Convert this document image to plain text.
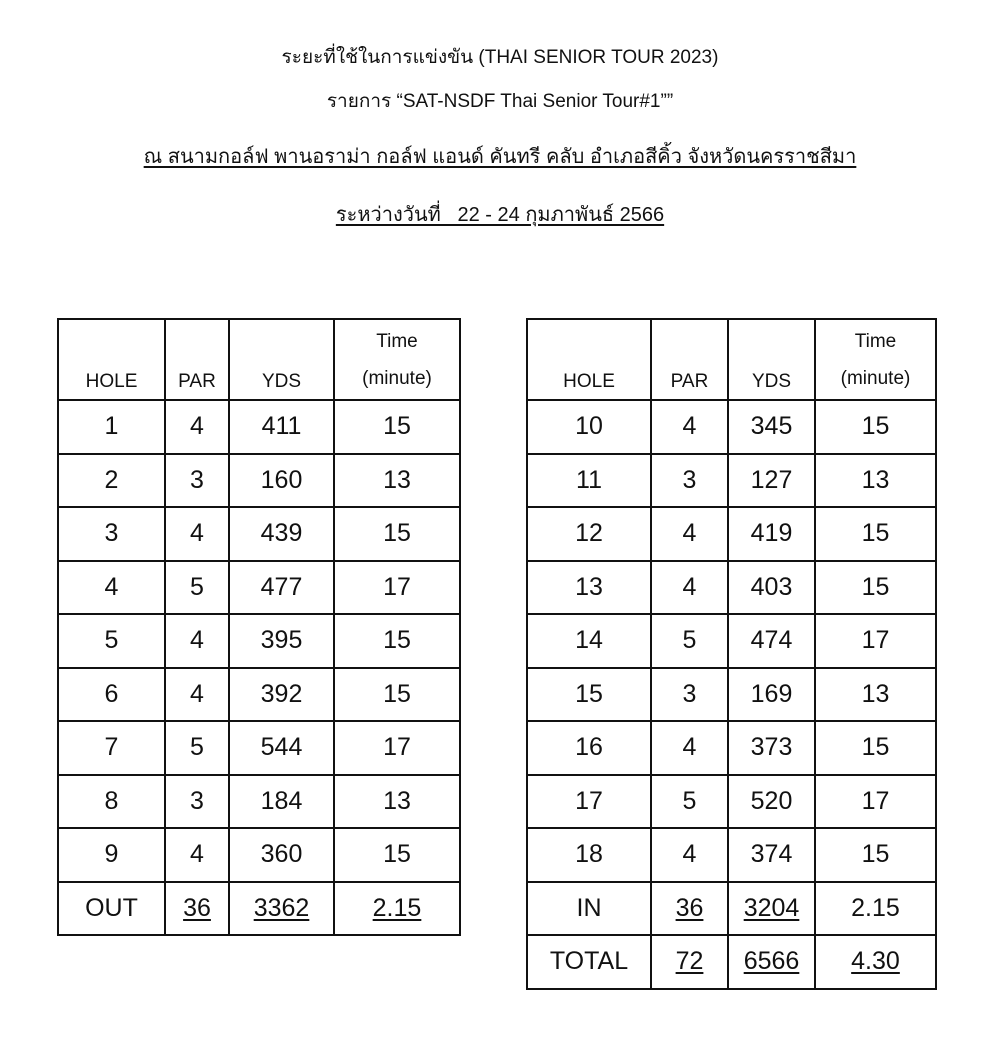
ระยะที่ใช้ในการแข่งขัน (THAI SENIOR TOUR 2023)
รายการ “SAT-NSDF Thai Senior Tour#1””
ณ สนามกอล์ฟ พานอราม่า กอล์ฟ แอนด์ คันทรี คลับ อำเภอสีคิ้ว จังหวัดนครราชสีมา
ระหว่างวันที่   22 - 24 กุมภาพันธ์ 2566
HOLE	PAR	YDS	Time
(minute)
1	4	411	15
2	3	160	13
3	4	439	15
4	5	477	17
5	4	395	15
6	4	392	15
7	5	544	17
8	3	184	13
9	4	360	15
OUT	36	3362	2.15
HOLE	PAR	YDS	Time
(minute)
10	4	345	15
11	3	127	13
12	4	419	15
13	4	403	15
14	5	474	17
15	3	169	13
16	4	373	15
17	5	520	17
18	4	374	15
IN	36	3204	2.15
TOTAL	72	6566	4.30
